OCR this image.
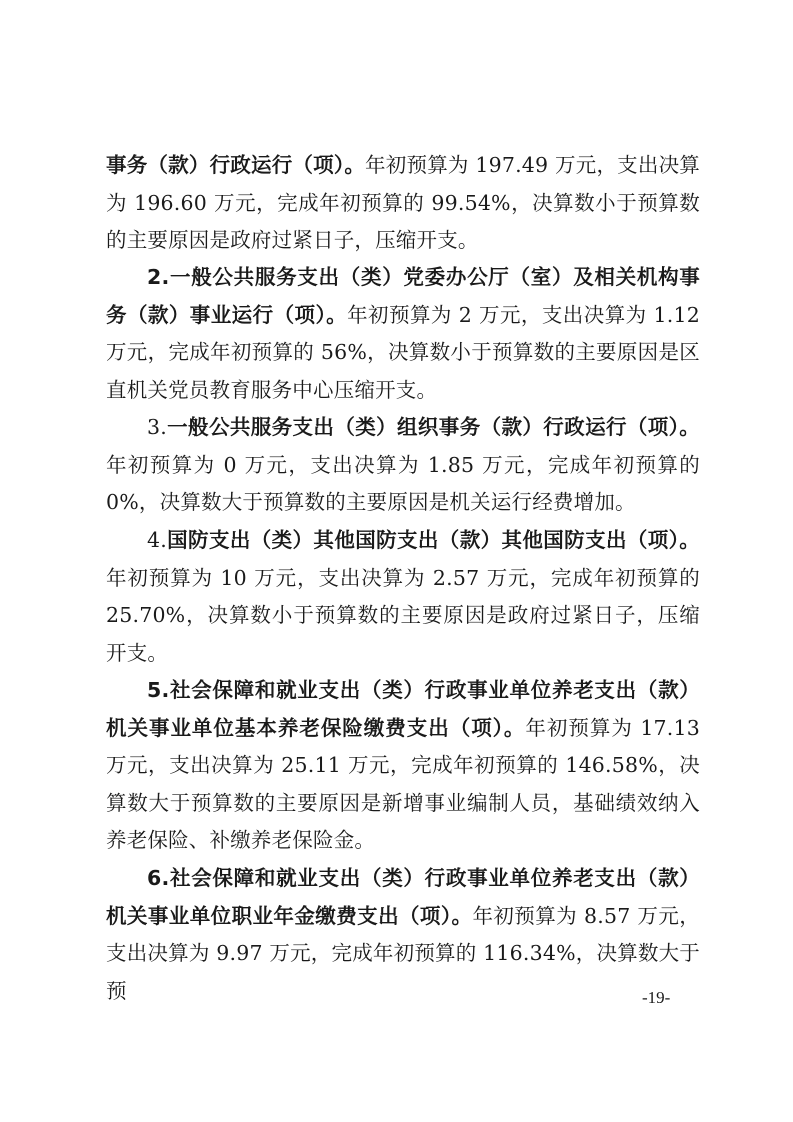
事务（款）行政运行（项）。年初预算为 197.49 万元，支出决算为 196.60 万元，完成年初预算的 99.54%，决算数小于预算数的主要原因是政府过紧日子，压缩开支。

2.一般公共服务支出（类）党委办公厅（室）及相关机构事务（款）事业运行（项）。年初预算为 2 万元，支出决算为 1.12 万元，完成年初预算的 56%，决算数小于预算数的主要原因是区直机关党员教育服务中心压缩开支。

3.一般公共服务支出（类）组织事务（款）行政运行（项）。年初预算为 0 万元，支出决算为 1.85 万元，完成年初预算的 0%，决算数大于预算数的主要原因是机关运行经费增加。

4.国防支出（类）其他国防支出（款）其他国防支出（项）。年初预算为 10 万元，支出决算为 2.57 万元，完成年初预算的 25.70%，决算数小于预算数的主要原因是政府过紧日子，压缩开支。

5.社会保障和就业支出（类）行政事业单位养老支出（款）机关事业单位基本养老保险缴费支出（项）。年初预算为 17.13 万元，支出决算为 25.11 万元，完成年初预算的 146.58%，决算数大于预算数的主要原因是新增事业编制人员，基础绩效纳入养老保险、补缴养老保险金。

6.社会保障和就业支出（类）行政事业单位养老支出（款）机关事业单位职业年金缴费支出（项）。年初预算为 8.57 万元，支出决算为 9.97 万元，完成年初预算的 116.34%，决算数大于预	-19-
